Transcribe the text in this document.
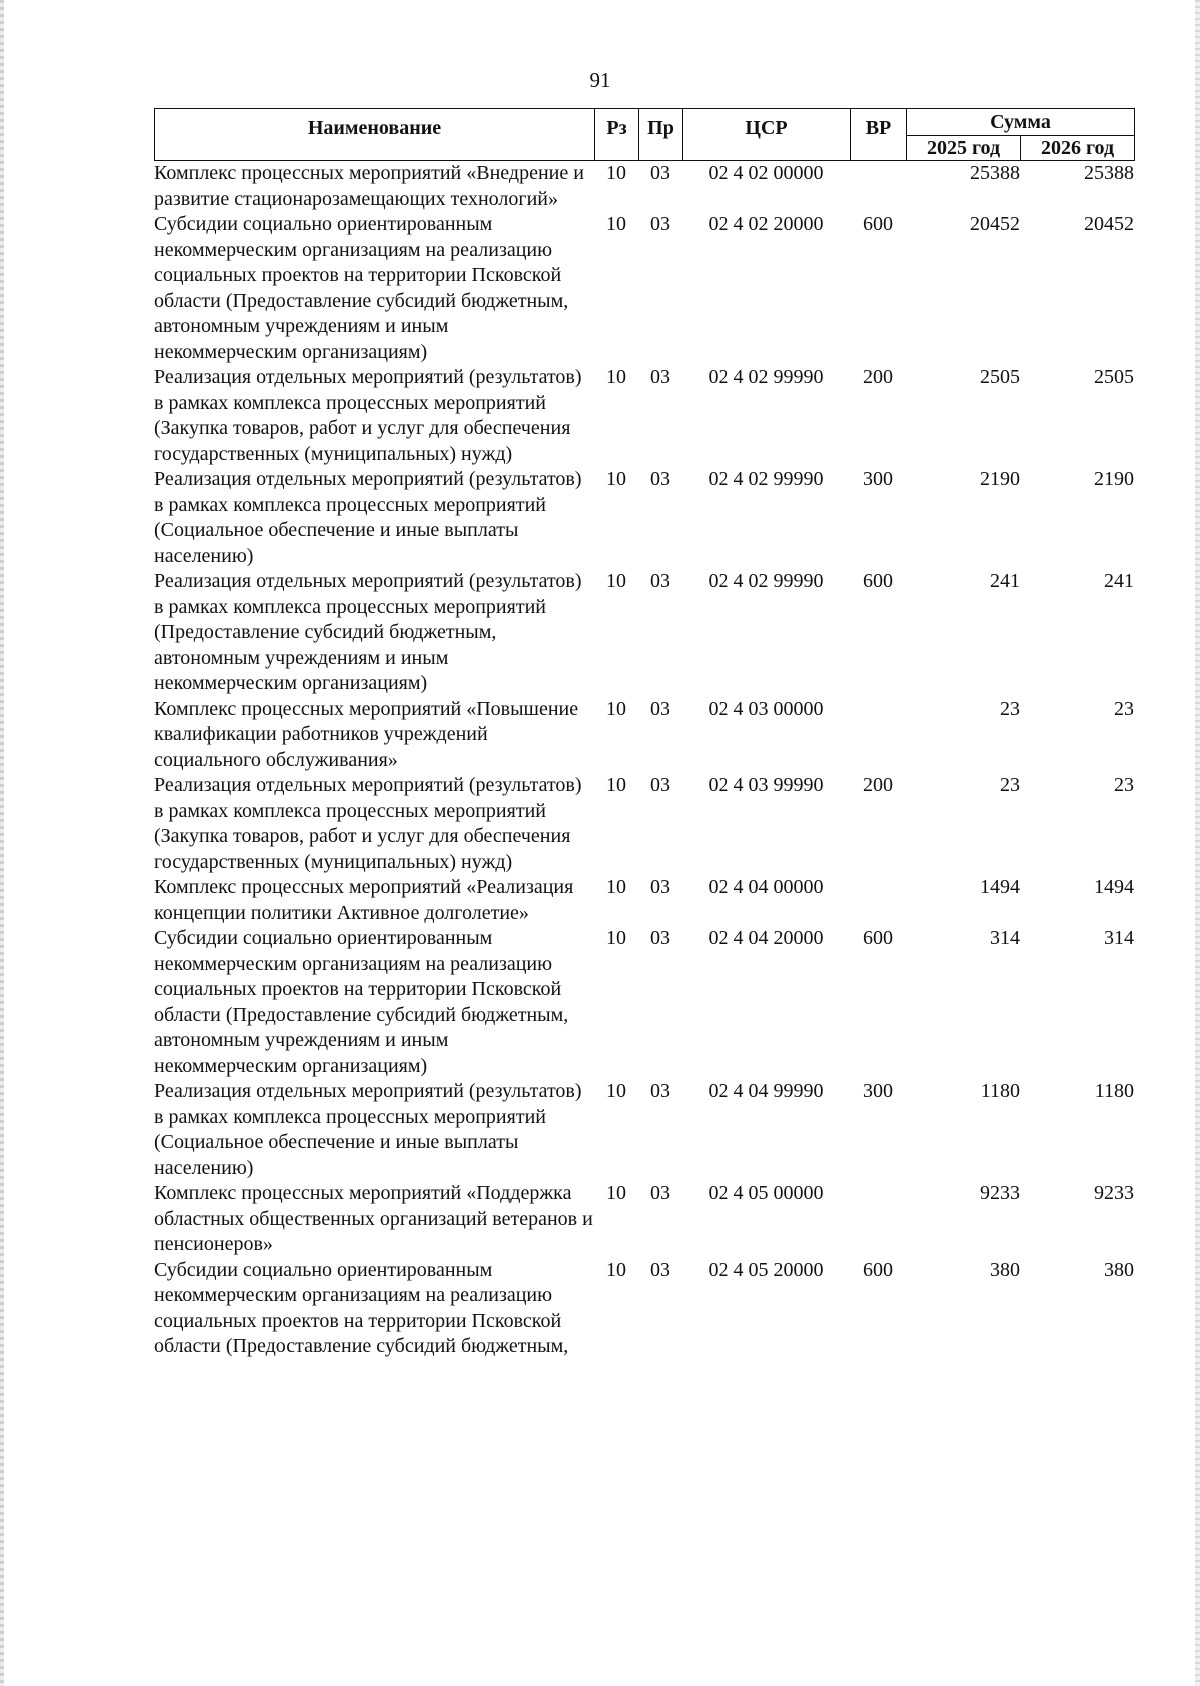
91
Наименование	Рз	Пр	ЦСР	ВР	Сумма	
					2025 год	2026 год
Комплекс процессных мероприятий «Внедрение и развитие стационарозамещающих технологий»	10	03	02 4 02 00000		25388	25388
Субсидии социально ориентированным некоммерческим организациям на реализацию социальных проектов на территории Псковской области (Предоставление субсидий бюджетным, автономным учреждениям и иным некоммерческим организациям)	10	03	02 4 02 20000	600	20452	20452
Реализация отдельных мероприятий (результатов) в рамках комплекса процессных мероприятий (Закупка товаров, работ и услуг для обеспечения государственных (муниципальных) нужд)	10	03	02 4 02 99990	200	2505	2505
Реализация отдельных мероприятий (результатов) в рамках комплекса процессных мероприятий (Социальное обеспечение и иные выплаты населению)	10	03	02 4 02 99990	300	2190	2190
Реализация отдельных мероприятий (результатов) в рамках комплекса процессных мероприятий (Предоставление субсидий бюджетным, автономным учреждениям и иным некоммерческим организациям)	10	03	02 4 02 99990	600	241	241
Комплекс процессных мероприятий «Повышение квалификации работников учреждений социального обслуживания»	10	03	02 4 03 00000		23	23
Реализация отдельных мероприятий (результатов) в рамках комплекса процессных мероприятий (Закупка товаров, работ и услуг для обеспечения государственных (муниципальных) нужд)	10	03	02 4 03 99990	200	23	23
Комплекс процессных мероприятий «Реализация концепции политики Активное долголетие»	10	03	02 4 04 00000		1494	1494
Субсидии социально ориентированным некоммерческим организациям на реализацию социальных проектов на территории Псковской области (Предоставление субсидий бюджетным, автономным учреждениям и иным некоммерческим организациям)	10	03	02 4 04 20000	600	314	314
Реализация отдельных мероприятий (результатов) в рамках комплекса процессных мероприятий (Социальное обеспечение и иные выплаты населению)	10	03	02 4 04 99990	300	1180	1180
Комплекс процессных мероприятий «Поддержка областных общественных организаций ветеранов и пенсионеров»	10	03	02 4 05 00000		9233	9233
Субсидии социально ориентированным некоммерческим организациям на реализацию социальных проектов на территории Псковской области (Предоставление субсидий бюджетным,	10	03	02 4 05 20000	600	380	380
